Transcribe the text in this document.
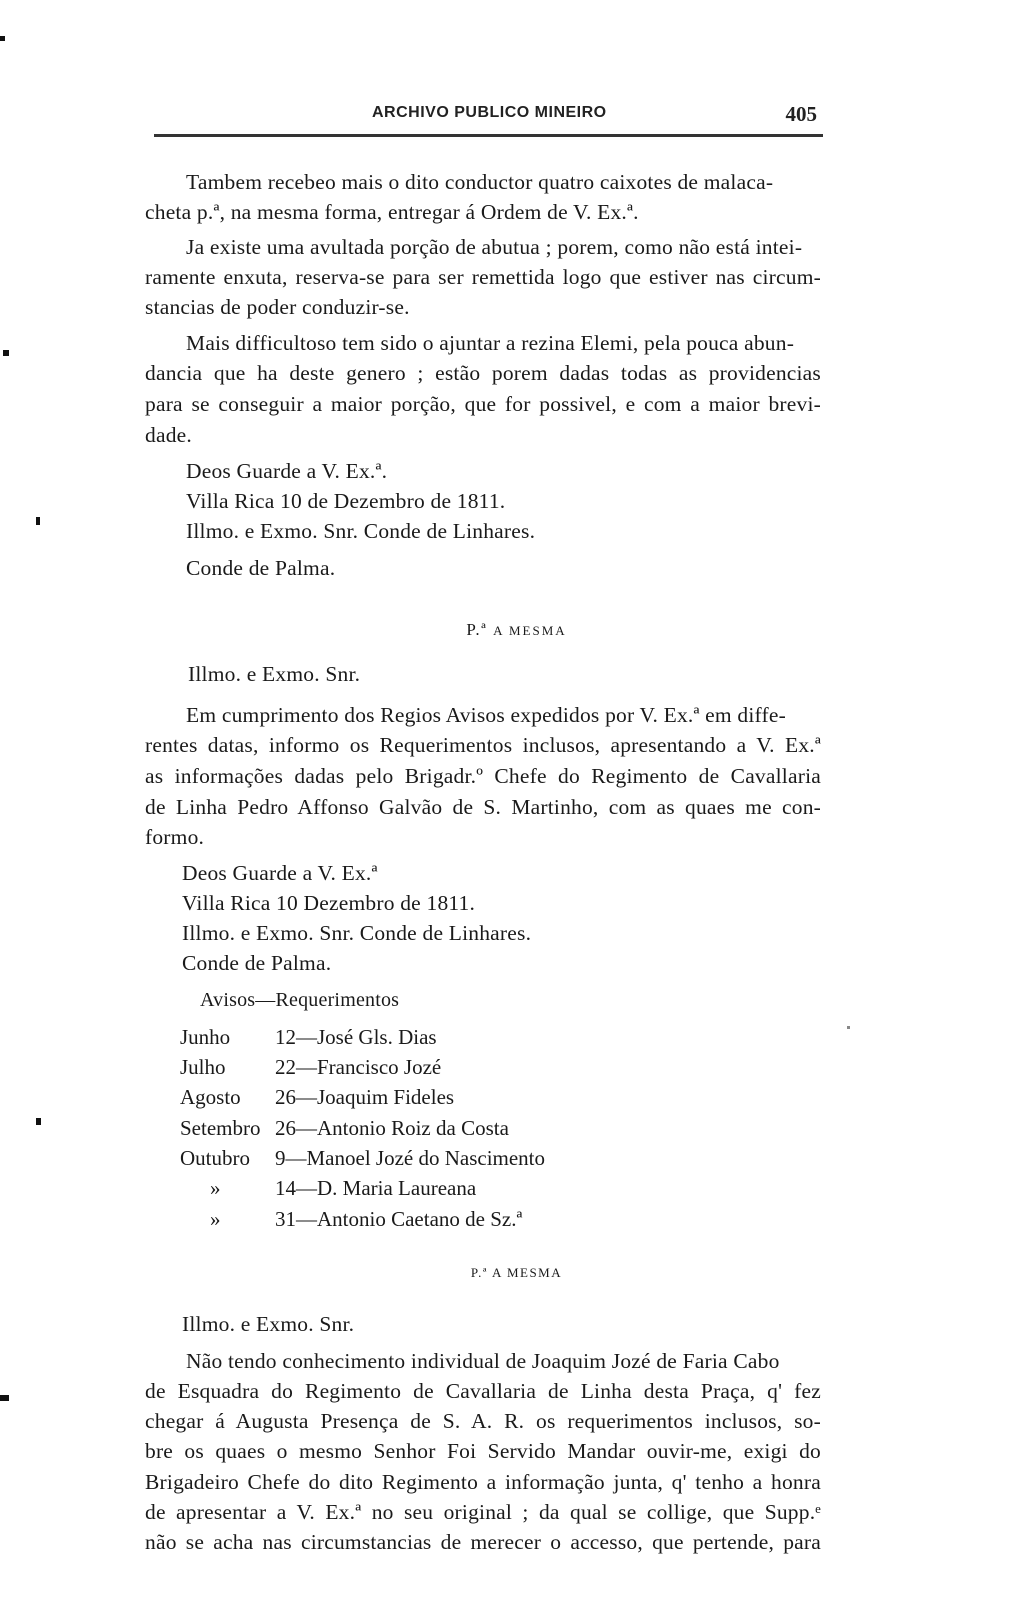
ARCHIVO PUBLICO MINEIRO	405
Tambem recebeo mais o dito conductor quatro caixotes de malaca-
cheta p.ª, na mesma forma, entregar á Ordem de V. Ex.ª.
Ja existe uma avultada porção de abutua ; porem, como não está intei-
ramente enxuta, reserva-se para ser remettida logo que estiver nas circum-
stancias de poder conduzir-se.
Mais difficultoso tem sido o ajuntar a rezina Elemi, pela pouca abun-
dancia que ha deste genero ; estão porem dadas todas as providencias
para se conseguir a maior porção, que for possivel, e com a maior brevi-
dade.
Deos Guarde a V. Ex.ª.
Villa Rica 10 de Dezembro de 1811.
Illmo. e Exmo. Snr. Conde de Linhares.
Conde de Palma.
P.ª A MESMA
Illmo. e Exmo. Snr.
Em cumprimento dos Regios Avisos expedidos por V. Ex.ª em diffe-
rentes datas, informo os Requerimentos inclusos, apresentando a V. Ex.ª
as informações dadas pelo Brigadr.º Chefe do Regimento de Cavallaria
de Linha Pedro Affonso Galvão de S. Martinho, com as quaes me con-
formo.
Deos Guarde a V. Ex.ª
Villa Rica 10 Dezembro de 1811.
Illmo. e Exmo. Snr. Conde de Linhares.
Conde de Palma.
Avisos—Requerimentos
Junho 12—José Gls. Dias
Julho 22—Francisco Jozé
Agosto 26—Joaquim Fideles
Setembro 26—Antonio Roiz da Costa
Outubro 9—Manoel Jozé do Nascimento
»	14—D. Maria Laureana
»	31—Antonio Caetano de Sz.ª
P.ª A MESMA
Illmo. e Exmo. Snr.
Não tendo conhecimento individual de Joaquim Jozé de Faria Cabo
de Esquadra do Regimento de Cavallaria de Linha desta Praça, q' fez
chegar á Augusta Presença de S. A. R. os requerimentos inclusos, so-
bre os quaes o mesmo Senhor Foi Servido Mandar ouvir-me, exigi do
Brigadeiro Chefe do dito Regimento a informação junta, q' tenho a honra
de apresentar a V. Ex.ª no seu original ; da qual se collige, que Supp.ᵉ
não se acha nas circumstancias de merecer o accesso, que pertende, para
